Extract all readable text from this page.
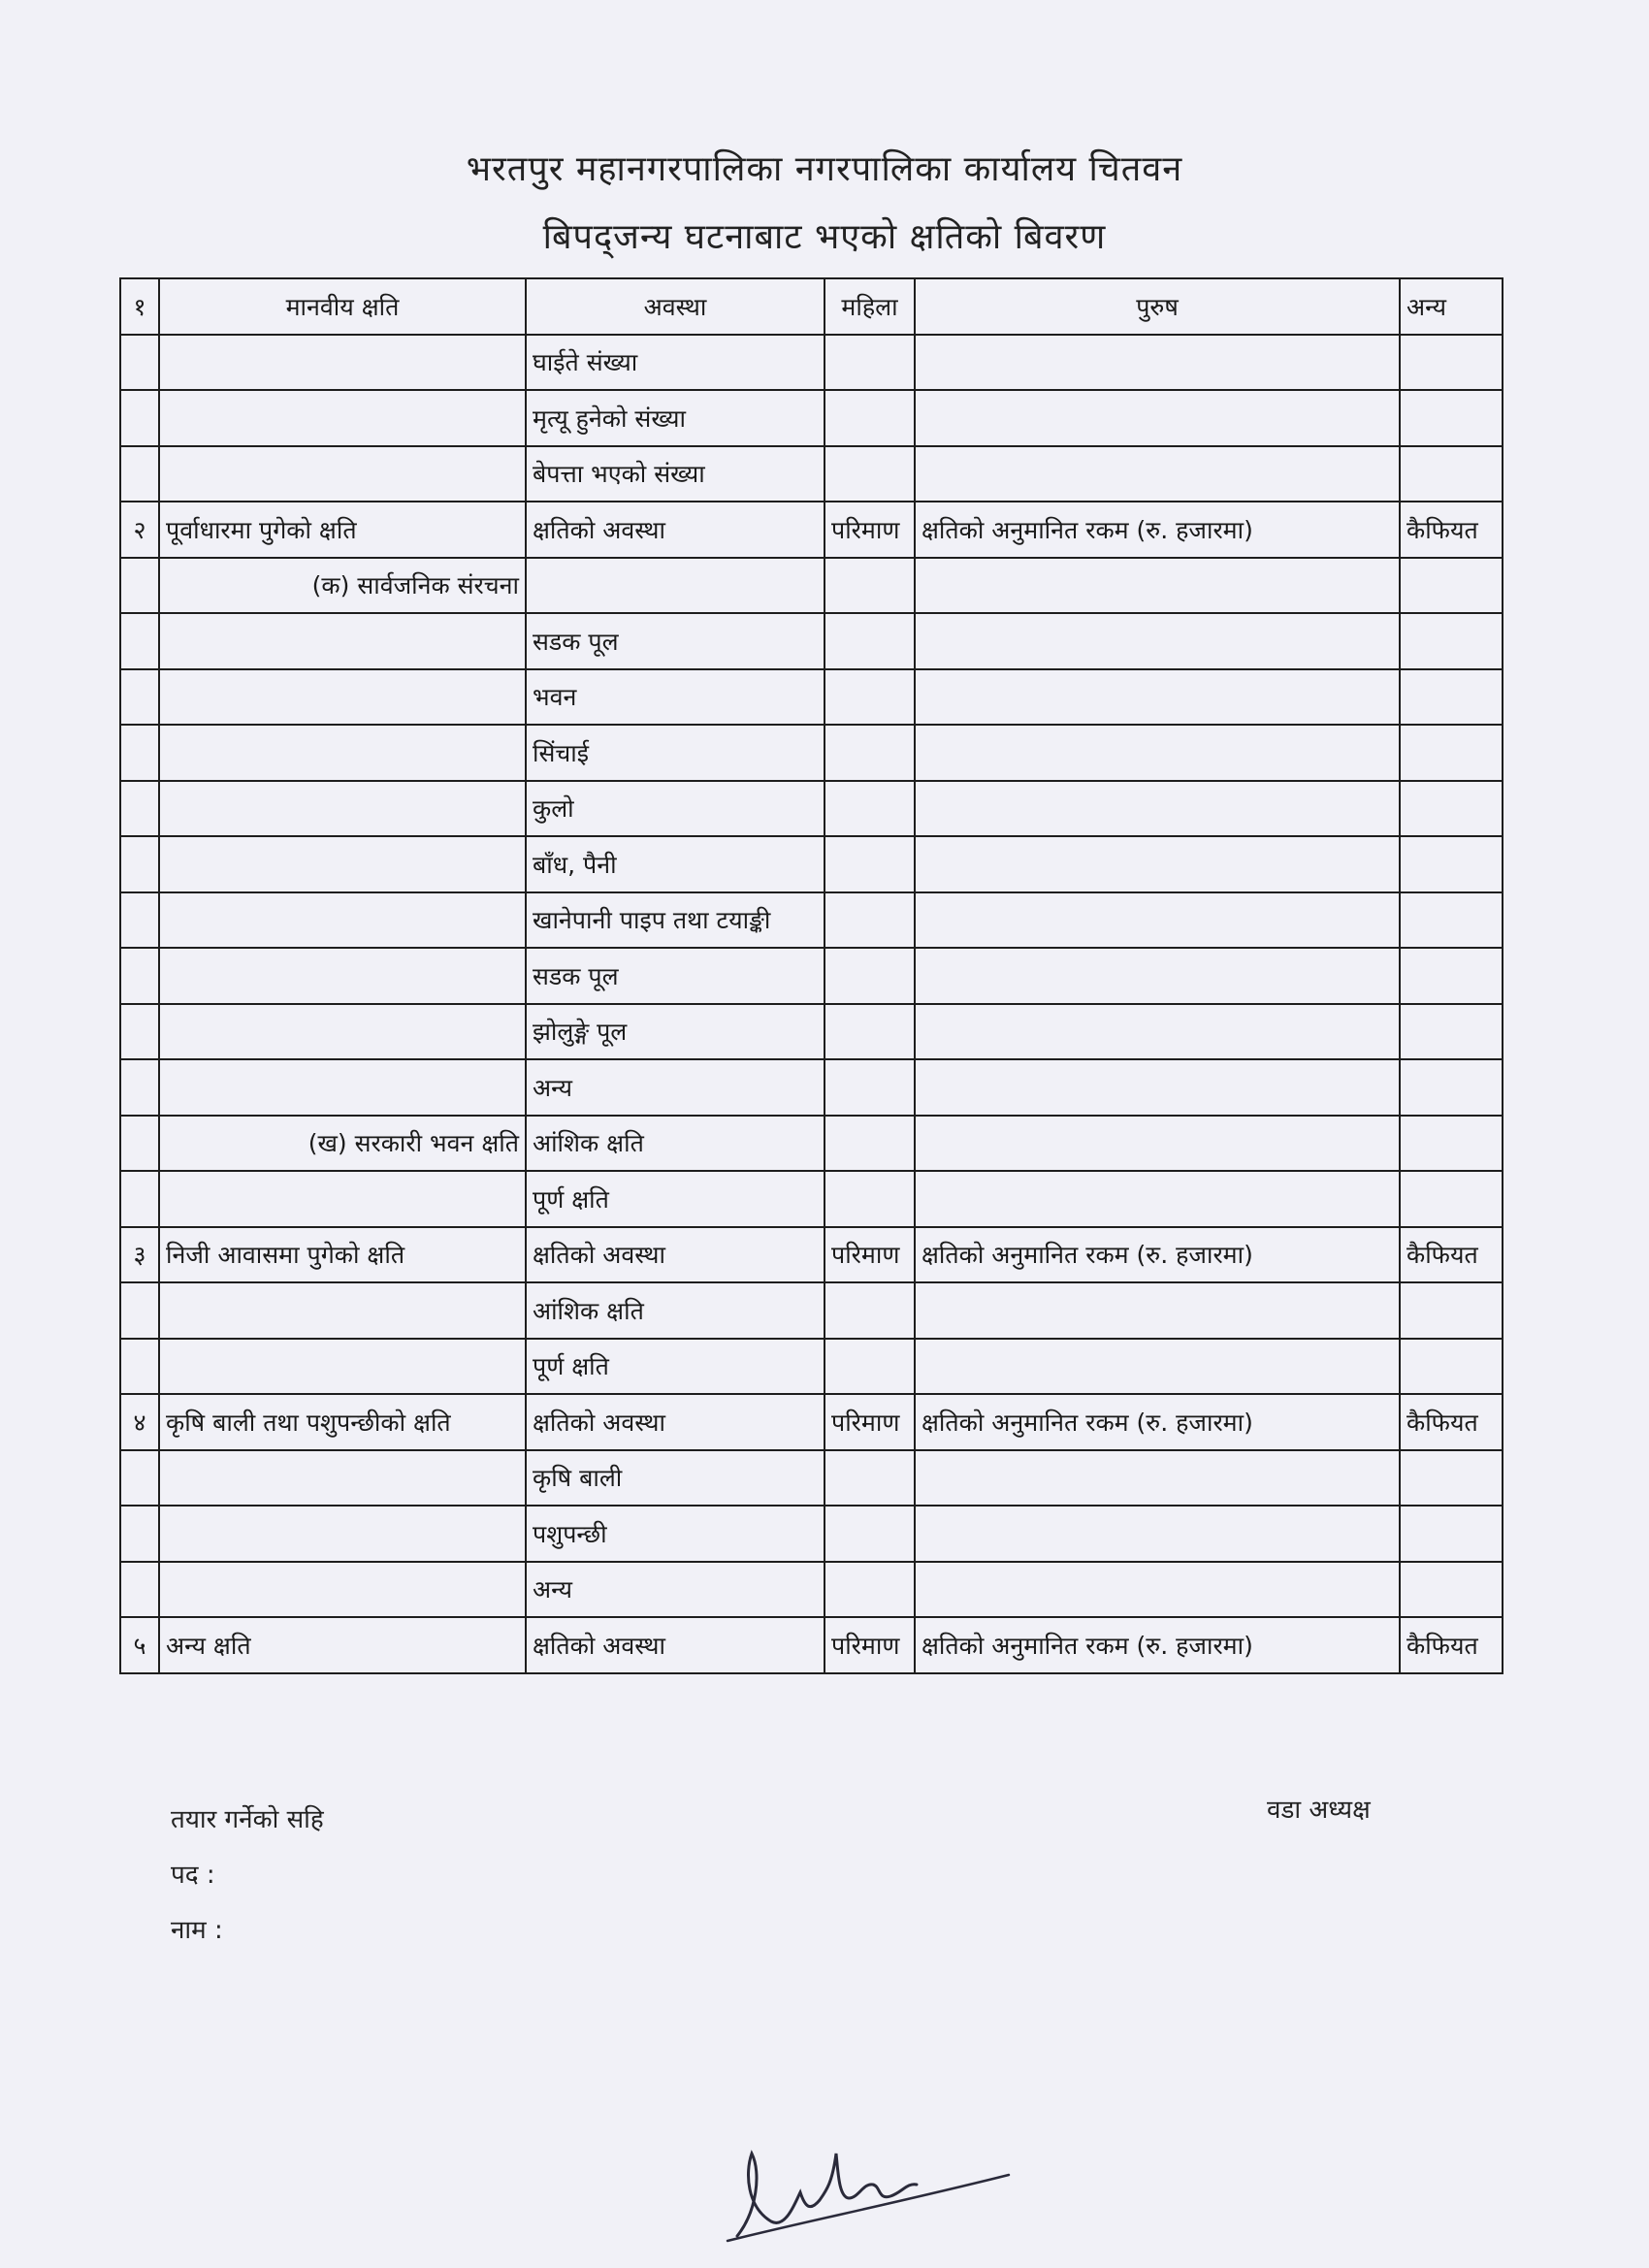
भरतपुर महानगरपालिका नगरपालिका कार्यालय चितवन
बिपद्जन्य घटनाबाट भएको क्षतिको बिवरण
१	मानवीय क्षति	अवस्था	महिला	पुरुष	अन्य
		घाईते संख्या			
		मृत्यू हुनेको संख्या			
		बेपत्ता भएको संख्या			
२	पूर्वाधारमा पुगेको क्षति	क्षतिको अवस्था	परिमाण	क्षतिको अनुमानित रकम (रु. हजारमा)	कैफियत
	(क) सार्वजनिक संरचना				
		सडक पूल			
		भवन			
		सिंचाई			
		कुलो			
		बाँध, पैनी			
		खानेपानी पाइप तथा टयाङ्की			
		सडक पूल			
		झोलुङ्गे पूल			
		अन्य			
	(ख) सरकारी भवन क्षति	आंशिक क्षति			
		पूर्ण क्षति			
३	निजी आवासमा पुगेको क्षति	क्षतिको अवस्था	परिमाण	क्षतिको अनुमानित रकम (रु. हजारमा)	कैफियत
		आंशिक क्षति			
		पूर्ण क्षति			
४	कृषि बाली तथा पशुपन्छीको क्षति	क्षतिको अवस्था	परिमाण	क्षतिको अनुमानित रकम (रु. हजारमा)	कैफियत
		कृषि बाली			
		पशुपन्छी			
		अन्य			
५	अन्य क्षति	क्षतिको अवस्था	परिमाण	क्षतिको अनुमानित रकम (रु. हजारमा)	कैफियत
तयार गर्नेको सहि
पद :
नाम :
वडा अध्यक्ष
